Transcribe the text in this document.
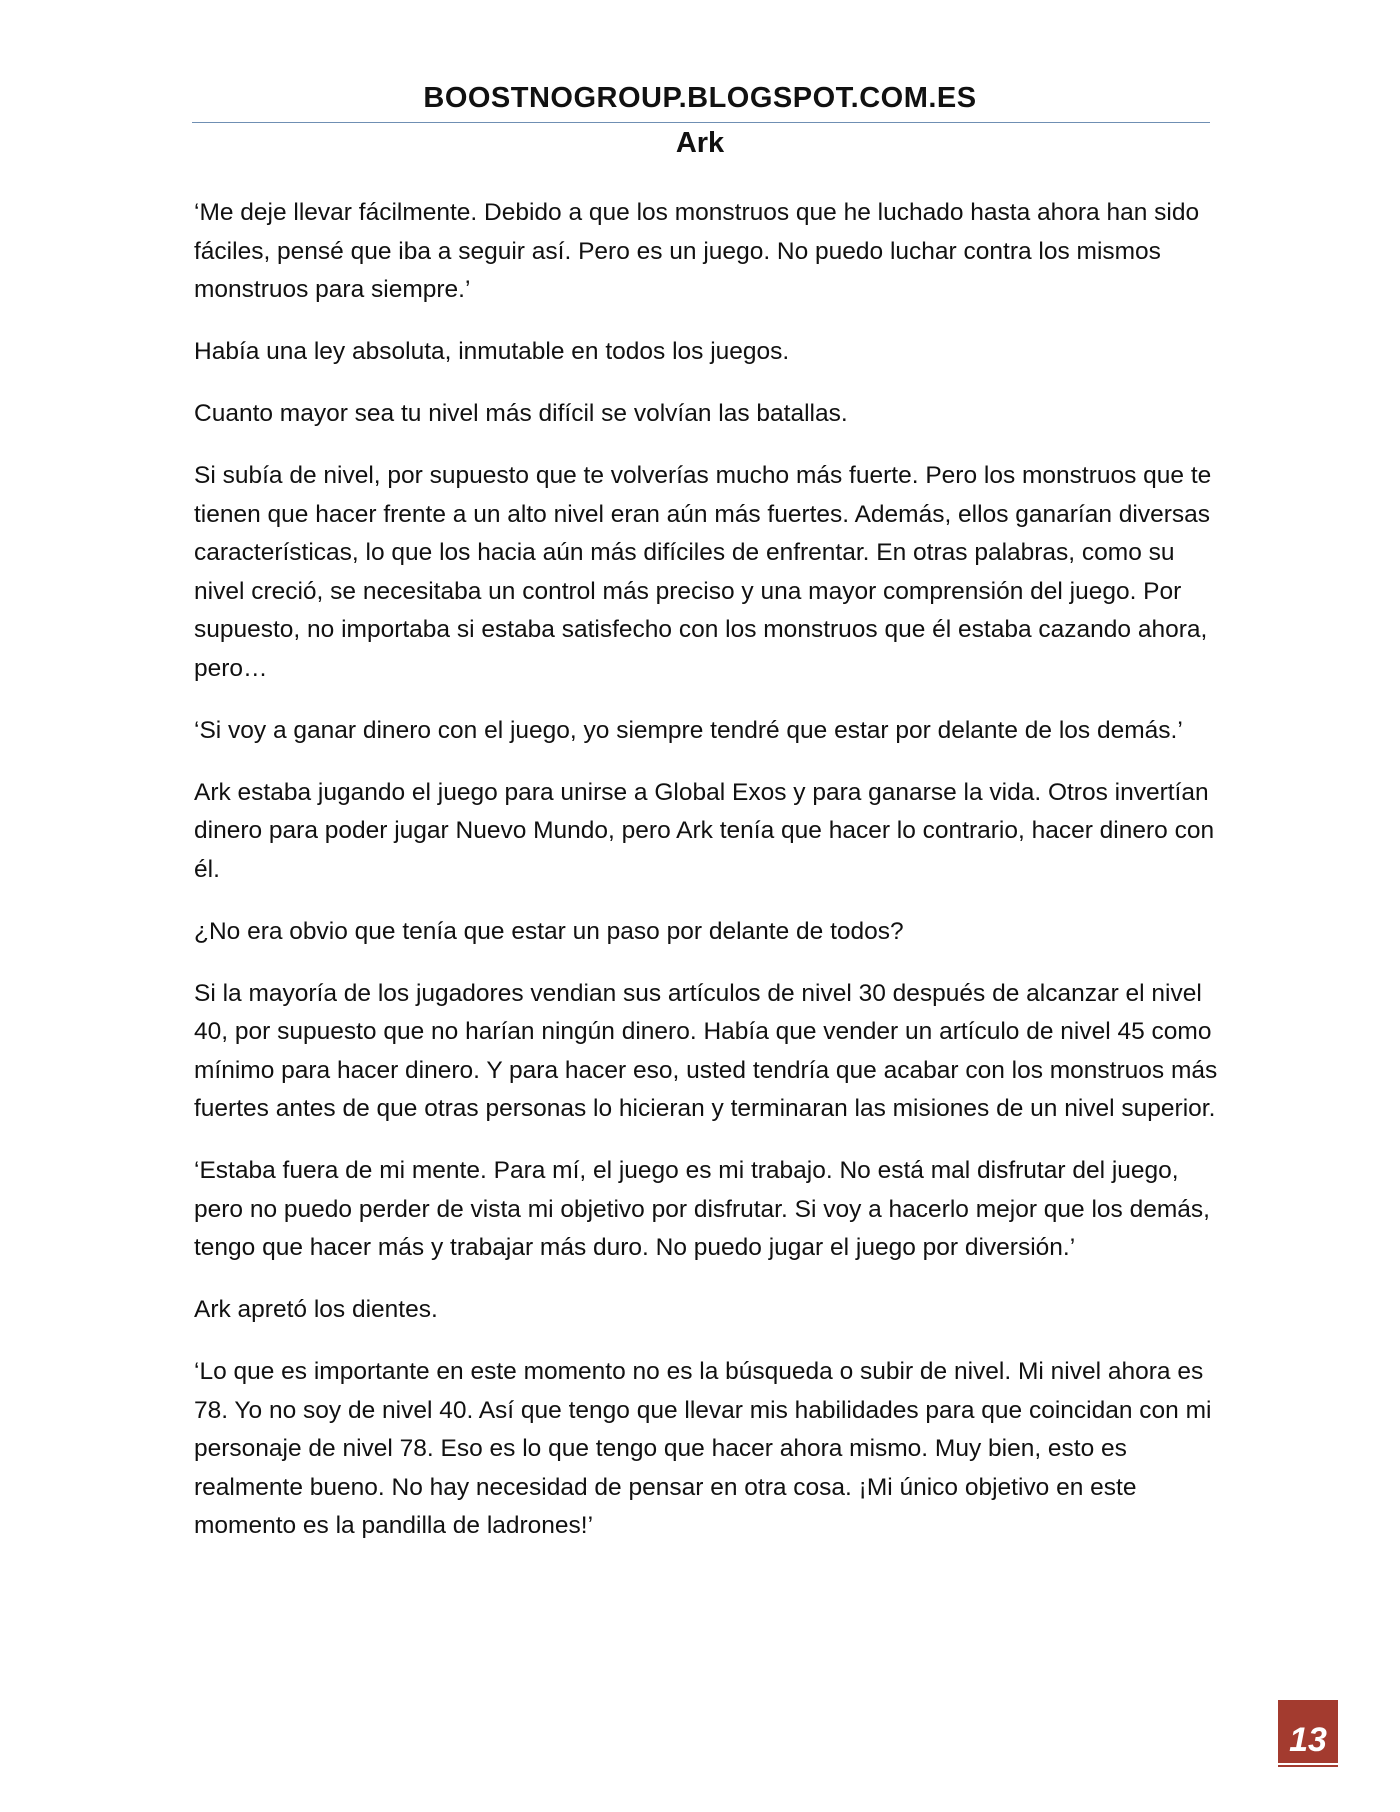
BOOSTNOGROUP.BLOGSPOT.COM.ES
Ark

‘Me deje llevar fácilmente. Debido a que los monstruos que he luchado hasta ahora han sido fáciles, pensé que iba a seguir así. Pero es un juego. No puedo luchar contra los mismos monstruos para siempre.’

Había una ley absoluta, inmutable en todos los juegos.

Cuanto mayor sea tu nivel más difícil se volvían las batallas.

Si subía de nivel, por supuesto que te volverías mucho más fuerte. Pero los monstruos que te tienen que hacer frente a un alto nivel eran aún más fuertes. Además, ellos ganarían diversas características, lo que los hacia aún más difíciles de enfrentar. En otras palabras, como su nivel creció, se necesitaba un control más preciso y una mayor comprensión del juego. Por supuesto, no importaba si estaba satisfecho con los monstruos que él estaba cazando ahora, pero…

‘Si voy a ganar dinero con el juego, yo siempre tendré que estar por delante de los demás.’

Ark estaba jugando el juego para unirse a Global Exos y para ganarse la vida. Otros invertían dinero para poder jugar Nuevo Mundo, pero Ark tenía que hacer lo contrario, hacer dinero con él.

¿No era obvio que tenía que estar un paso por delante de todos?

Si la mayoría de los jugadores vendian sus artículos de nivel 30 después de alcanzar el nivel 40, por supuesto que no harían ningún dinero. Había que vender un artículo de nivel 45 como mínimo para hacer dinero. Y para hacer eso, usted tendría que acabar con los monstruos más fuertes antes de que otras personas lo hicieran y terminaran las misiones de un nivel superior.

‘Estaba fuera de mi mente. Para mí, el juego es mi trabajo. No está mal disfrutar del juego, pero no puedo perder de vista mi objetivo por disfrutar. Si voy a hacerlo mejor que los demás, tengo que hacer más y trabajar más duro. No puedo jugar el juego por diversión.’

Ark apretó los dientes.

‘Lo que es importante en este momento no es la búsqueda o subir de nivel. Mi nivel ahora es 78. Yo no soy de nivel 40. Así que tengo que llevar mis habilidades para que coincidan con mi personaje de nivel 78. Eso es lo que tengo que hacer ahora mismo. Muy bien, esto es realmente bueno. No hay necesidad de pensar en otra cosa. ¡Mi único objetivo en este momento es la pandilla de ladrones!’

13
